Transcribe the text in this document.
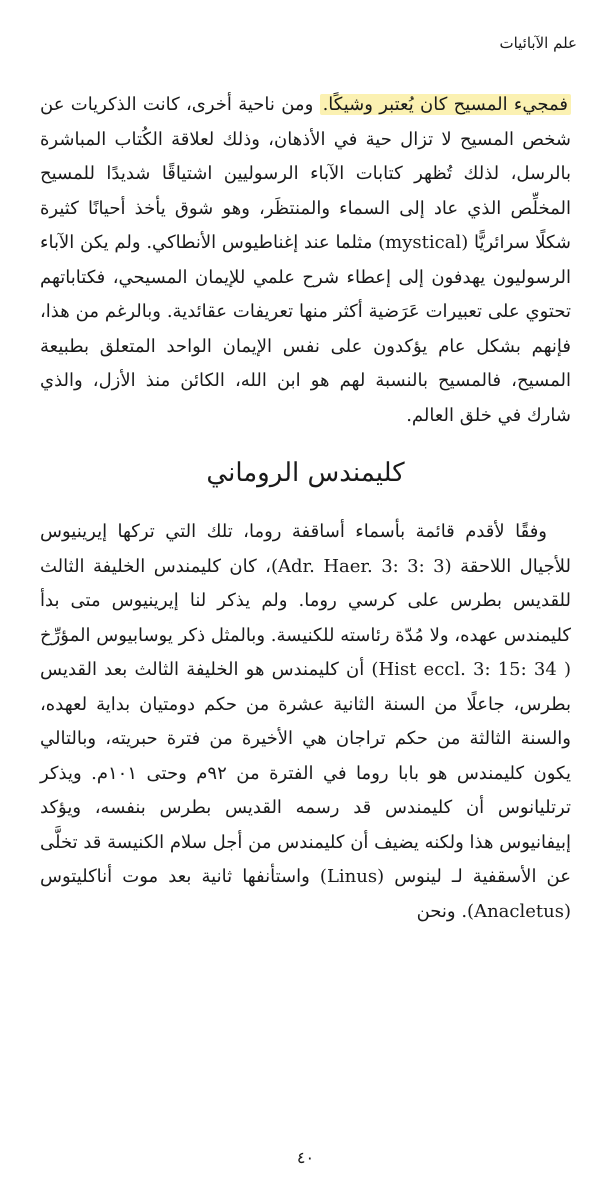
علم الآبائيات

فمجيء المسيح كان يُعتبر وشيكًا. ومن ناحية أخرى، كانت الذكريات عن شخص المسيح لا تزال حية في الأذهان، وذلك لعلاقة الكُتاب المباشرة بالرسل، لذلك تُظهر كتابات الآباء الرسوليين اشتياقًا شديدًا للمسيح المخلِّص الذي عاد إلى السماء والمنتظَر، وهو شوق يأخذ أحيانًا كثيرة شكلًا سرائريًّا (mystical) مثلما عند إغناطيوس الأنطاكي. ولم يكن الآباء الرسوليون يهدفون إلى إعطاء شرح علمي للإيمان المسيحي، فكتاباتهم تحتوي على تعبيرات عَرَضية أكثر منها تعريفات عقائدية. وبالرغم من هذا، فإنهم بشكل عام يؤكدون على نفس الإيمان الواحد المتعلق بطبيعة المسيح، فالمسيح بالنسبة لهم هو ابن الله، الكائن منذ الأزل، والذي شارك في خلق العالم.

كليمندس الروماني

وفقًا لأقدم قائمة بأسماء أساقفة روما، تلك التي تركها إيرينيوس للأجيال اللاحقة (Adr. Haer. 3: 3: 3)، كان كليمندس الخليفة الثالث للقديس بطرس على كرسي روما. ولم يذكر لنا إيرينيوس متى بدأ كليمندس عهده، ولا مُدّة رئاسته للكنيسة. وبالمثل ذكر يوسابيوس المؤرِّخ ( Hist eccl. 3: 15: 34) أن كليمندس هو الخليفة الثالث بعد القديس بطرس، جاعلًا من السنة الثانية عشرة من حكم دومتيان بداية لعهده، والسنة الثالثة من حكم تراجان هي الأخيرة من فترة حبريته، وبالتالي يكون كليمندس هو بابا روما في الفترة من ٩٢م وحتى ١٠١م. ويذكر ترتليانوس أن كليمندس قد رسمه القديس بطرس بنفسه، ويؤكد إبيفانيوس هذا ولكنه يضيف أن كليمندس من أجل سلام الكنيسة قد تخلَّى عن الأسقفية لـ لينوس (Linus) واستأنفها ثانية بعد موت أناكليتوس (Anacletus). ونحن

٤٠
